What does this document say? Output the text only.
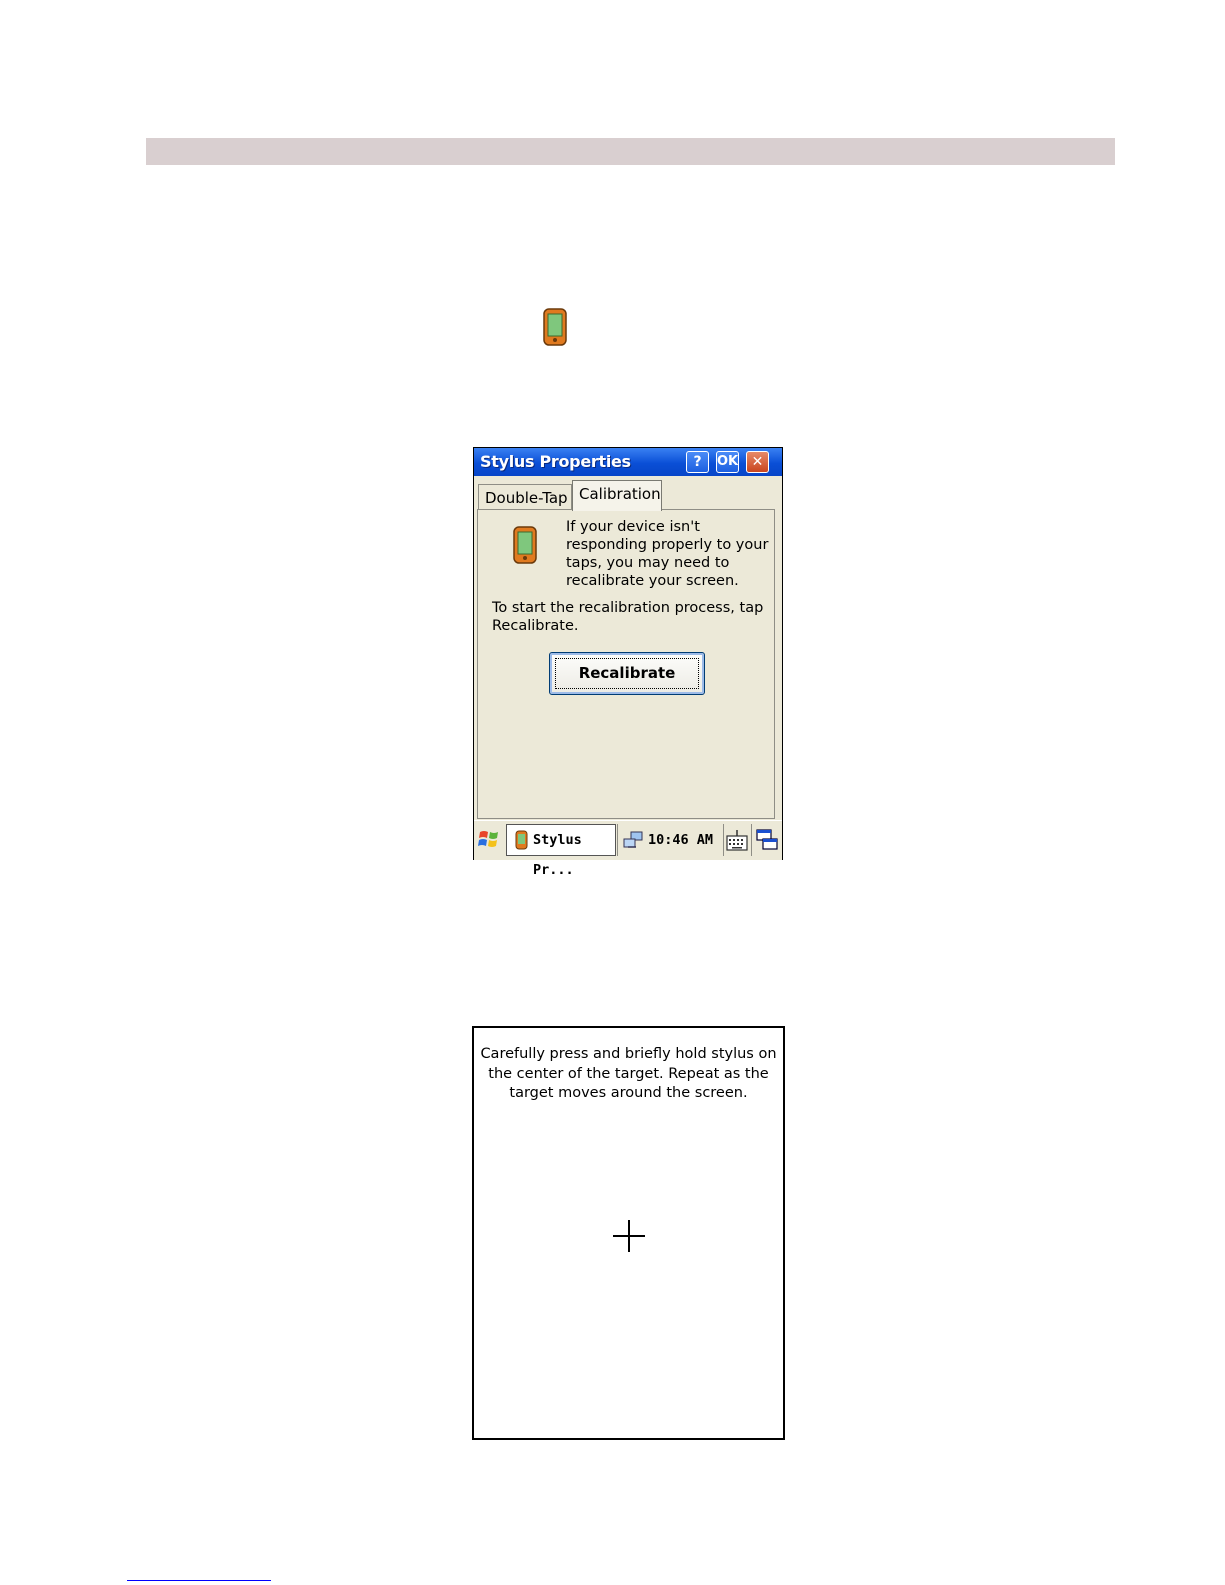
Stylus Properties	?	OK ✕
Double-Tap Calibration
If your device isn't responding properly to your taps, you may need to recalibrate your screen.
To start the recalibration process, tap Recalibrate.
Recalibrate
Stylus Pr...
10:46 AM
Carefully press and briefly hold stylus on the center of the target. Repeat as the target moves around the screen.
